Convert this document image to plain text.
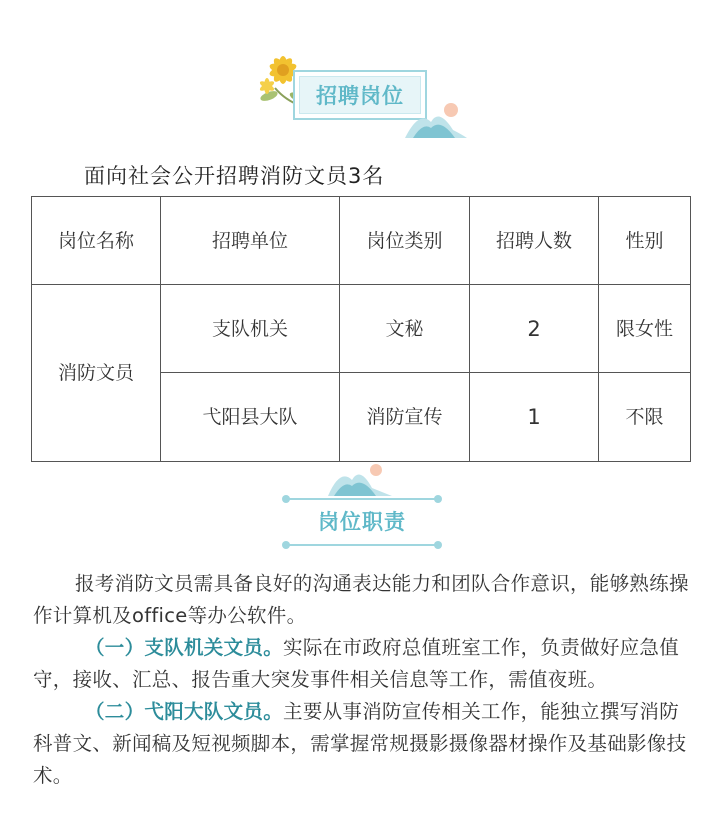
招聘岗位
面向社会公开招聘消防文员3名
岗位名称	招聘单位	岗位类别	招聘人数	性别
消防文员	支队机关	文秘	2	限女性
	弋阳县大队	消防宣传	1	不限
岗位职责

报考消防文员需具备良好的沟通表达能力和团队合作意识，能够熟练操作计算机及office等办公软件。

（一）支队机关文员。实际在市政府总值班室工作，负责做好应急值守，接收、汇总、报告重大突发事件相关信息等工作，需值夜班。

（二）弋阳大队文员。主要从事消防宣传相关工作，能独立撰写消防科普文、新闻稿及短视频脚本，需掌握常规摄影摄像器材操作及基础影像技术。
